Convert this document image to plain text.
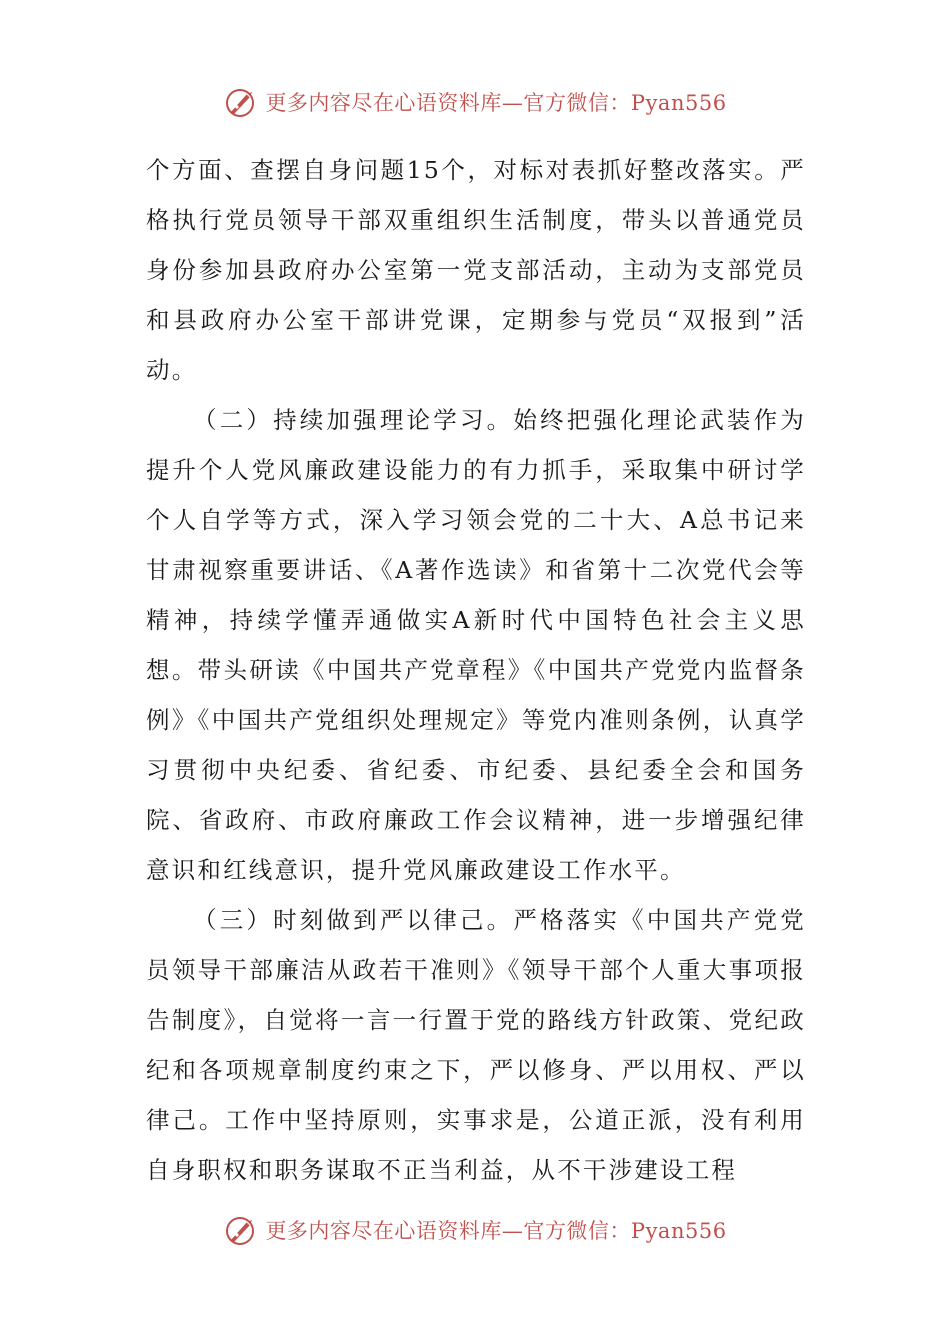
更多内容尽在心语资料库—官方微信：Pyan556

个方面、查摆自身问题15个，对标对表抓好整改落实。严格执行党员领导干部双重组织生活制度，带头以普通党员身份参加县政府办公室第一党支部活动，主动为支部党员和县政府办公室干部讲党课，定期参与党员“双报到”活动。

（二）持续加强理论学习。始终把强化理论武装作为提升个人党风廉政建设能力的有力抓手，采取集中研讨学个人自学等方式，深入学习领会党的二十大、A总书记来甘肃视察重要讲话、《A著作选读》和省第十二次党代会等精神，持续学懂弄通做实A新时代中国特色社会主义思想。带头研读《中国共产党章程》《中国共产党党内监督条例》《中国共产党组织处理规定》等党内准则条例，认真学习贯彻中央纪委、省纪委、市纪委、县纪委全会和国务院、省政府、市政府廉政工作会议精神，进一步增强纪律意识和红线意识，提升党风廉政建设工作水平。

（三）时刻做到严以律己。严格落实《中国共产党党员领导干部廉洁从政若干准则》《领导干部个人重大事项报告制度》，自觉将一言一行置于党的路线方针政策、党纪政纪和各项规章制度约束之下，严以修身、严以用权、严以律己。工作中坚持原则，实事求是，公道正派，没有利用自身职权和职务谋取不正当利益，从不干涉建设工程

更多内容尽在心语资料库—官方微信：Pyan556
